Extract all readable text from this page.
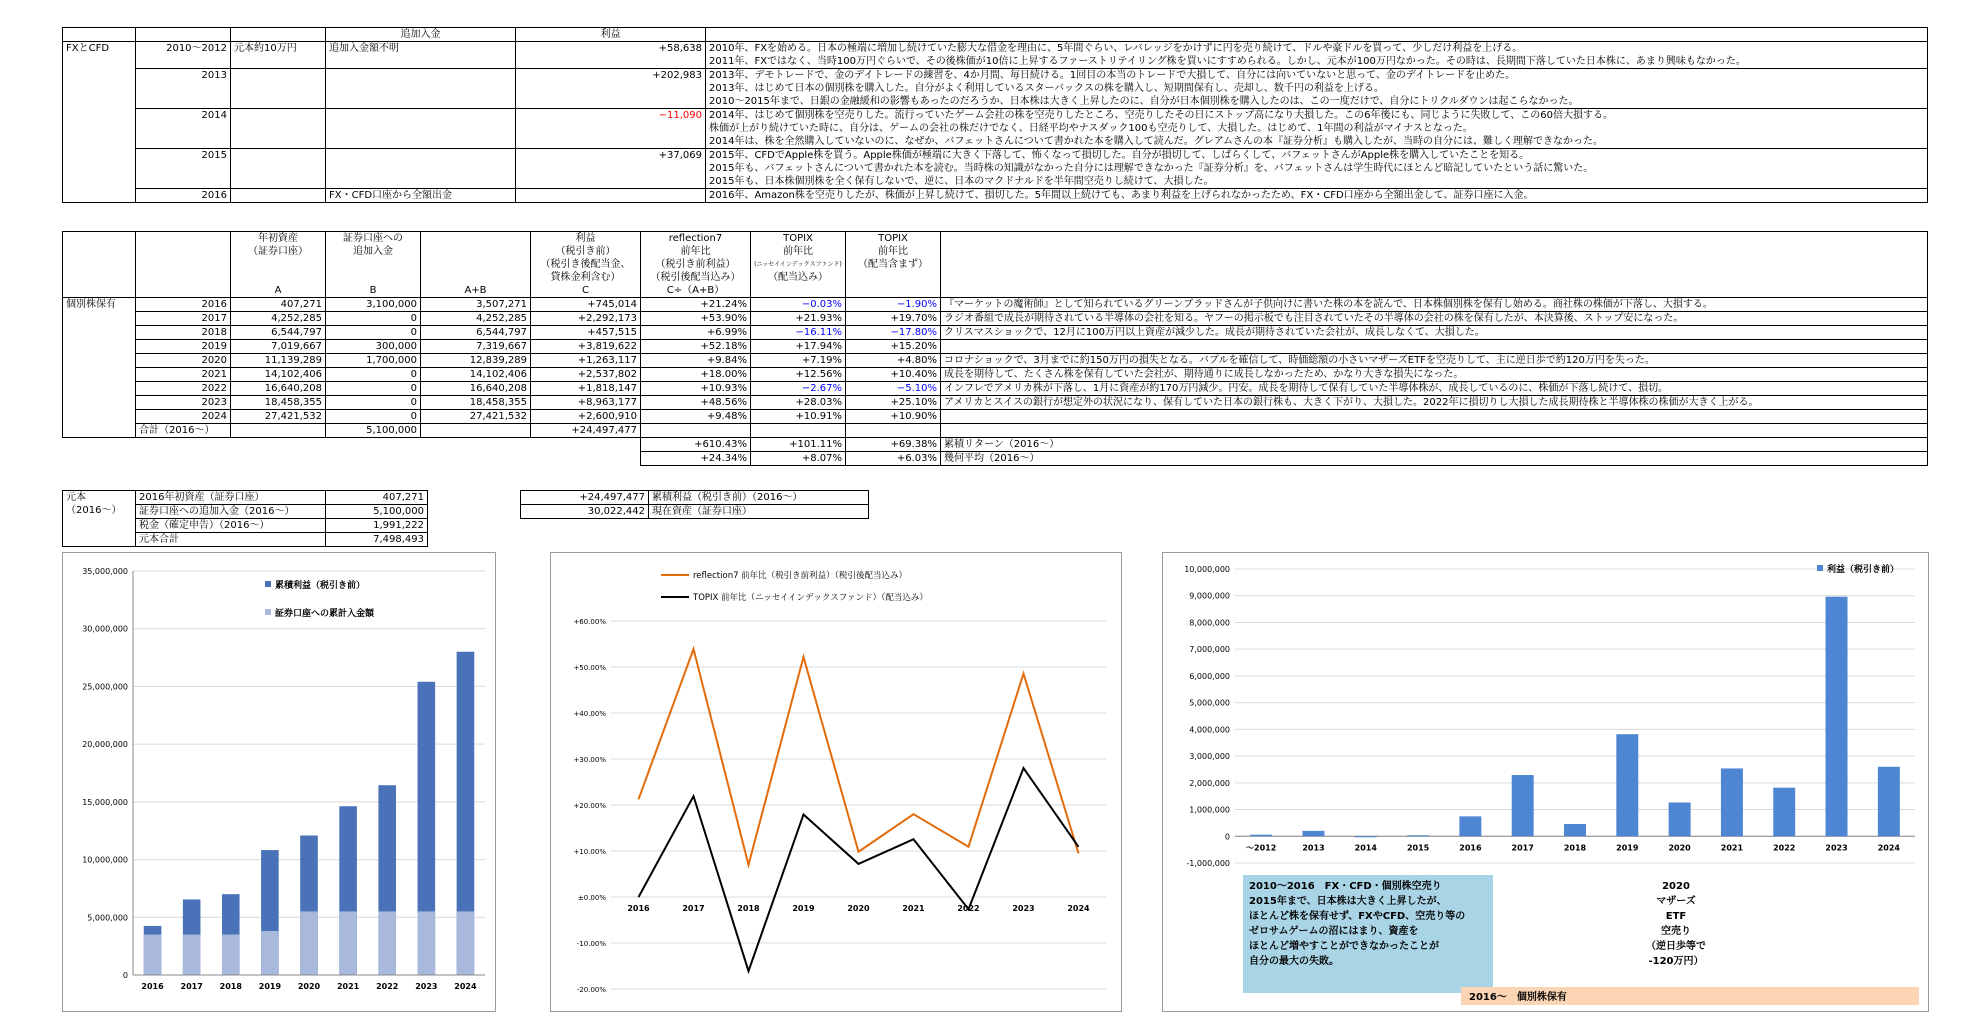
			追加入金	利益	
FXとCFD	2010～2012	元本約10万円	追加入金額不明	+58,638	2010年、FXを始める。日本の極端に増加し続けていた膨大な借金を理由に、5年間ぐらい、レバレッジをかけずに円を売り続けて、ドルや豪ドルを買って、少しだけ利益を上げる。
					2011年、FXではなく、当時100万円ぐらいで、その後株価が10倍に上昇するファーストリテイリング株を買いにすすめられる。しかし、元本が100万円なかった。その時は、長期間下落していた日本株に、あまり興味もなかった。
	2013			+202,983	2013年、デモトレードで、金のデイトレードの練習を、4か月間、毎日続ける。1回目の本当のトレードで大損して、自分には向いていないと思って、金のデイトレードを止めた。
					2013年、はじめて日本の個別株を購入した。自分がよく利用しているスターバックスの株を購入し、短期間保有し、売却し、数千円の利益を上げる。
					2010～2015年まで、日銀の金融緩和の影響もあったのだろうか、日本株は大きく上昇したのに、自分が日本個別株を購入したのは、この一度だけで、自分にトリクルダウンは起こらなかった。
	2014			−11,090	2014年、はじめて個別株を空売りした。流行っていたゲーム会社の株を空売りしたところ、空売りしたその日にストップ高になり大損した。この6年後にも、同じように失敗して、この60倍大損する。
					株価が上がり続けていた時に、自分は、ゲームの会社の株だけでなく、日経平均やナスダック100も空売りして、大損した。はじめて、1年間の利益がマイナスとなった。
					2014年は、株を全然購入していないのに、なぜか、バフェットさんについて書かれた本を購入して読んだ。グレアムさんの本『証券分析』も購入したが、当時の自分には、難しく理解できなかった。
	2015			+37,069	2015年、CFDでApple株を買う。Apple株価が極端に大きく下落して、怖くなって損切した。自分が損切して、しばらくして、バフェットさんがApple株を購入していたことを知る。
					2015年も、バフェットさんについて書かれた本を読む。当時株の知識がなかった自分には理解できなかった『証券分析』を、バフェットさんは学生時代にほとんど暗記していたという話に驚いた。
					2015年も、日本株個別株を全く保有しないで、逆に、日本のマクドナルドを半年間空売りし続けて、大損した。
	2016		FX・CFD口座から全額出金		2016年、Amazon株を空売りしたが、株価が上昇し続けて、損切した。5年間以上続けても、あまり利益を上げられなかったため、FX・CFD口座から全額出金して、証券口座に入金。
		年初資産	証券口座への		利益	reflection7	TOPIX	TOPIX	
		（証券口座）	追加入金		（税引き前）	前年比	前年比	前年比	
					（税引き後配当金、	（税引き前利益）	(ニッセイインデックスファンド)	（配当含まず）	
					貸株金利含む）	（税引後配当込み）	（配当込み）		
		A	B	A+B	C	C÷（A+B）			
個別株保有	2016	407,271	3,100,000	3,507,271	+745,014	+21.24%	−0.03%	−1.90%	『マーケットの魔術師』として知られているグリーンブラッドさんが子供向けに書いた株の本を読んで、日本株個別株を保有し始める。商社株の株価が下落し、大損する。
	2017	4,252,285	0	4,252,285	+2,292,173	+53.90%	+21.93%	+19.70%	ラジオ番組で成長が期待されている半導体の会社を知る。ヤフーの掲示板でも注目されていたその半導体の会社の株を保有したが、本決算後、ストップ安になった。
	2018	6,544,797	0	6,544,797	+457,515	+6.99%	−16.11%	−17.80%	クリスマスショックで、12月に100万円以上資産が減少した。成長が期待されていた会社が、成長しなくて、大損した。
	2019	7,019,667	300,000	7,319,667	+3,819,622	+52.18%	+17.94%	+15.20%	
	2020	11,139,289	1,700,000	12,839,289	+1,263,117	+9.84%	+7.19%	+4.80%	コロナショックで、3月までに約150万円の損失となる。バブルを確信して、時価総額の小さいマザーズETFを空売りして、主に逆日歩で約120万円を失った。
	2021	14,102,406	0	14,102,406	+2,537,802	+18.00%	+12.56%	+10.40%	成長を期待して、たくさん株を保有していた会社が、期待通りに成長しなかったため、かなり大きな損失になった。
	2022	16,640,208	0	16,640,208	+1,818,147	+10.93%	−2.67%	−5.10%	インフレでアメリカ株が下落し、1月に資産が約170万円減少。円安。成長を期待して保有していた半導体株が、成長しているのに、株価が下落し続けて、損切。
	2023	18,458,355	0	18,458,355	+8,963,177	+48.56%	+28.03%	+25.10%	アメリカとスイスの銀行が想定外の状況になり、保有していた日本の銀行株も、大きく下がり、大損した。2022年に損切りし大損した成長期待株と半導体株の株価が大きく上がる。
	2024	27,421,532	0	27,421,532	+2,600,910	+9.48%	+10.91%	+10.90%	
	合計（2016～）		5,100,000		+24,497,477				
						+610.43%	+101.11%	+69.38%	累積リターン（2016～）
						+24.34%	+8.07%	+6.03%	幾何平均（2016～）
元本
（2016～）	2016年初資産（証券口座）	407,271
	証券口座への追加入金（2016～）	5,100,000
	税金（確定申告）（2016～）	1,991,222
	元本合計	7,498,493
+24,497,477	累積利益（税引き前）（2016～）
30,022,442	現在資産（証券口座）
0
5,000,000
10,000,000
15,000,000
20,000,000
25,000,000
30,000,000
35,000,000
2016 2017 2018 2019 2020 2021 2022 2023 2024
累積利益（税引き前）
証券口座への累計入金額
-20.00%
-10.00%
±0.00%
+10.00%
+20.00%
+30.00%
+40.00%
+50.00%
+60.00%
2016	2017	2018	2019	2020	2021	2022	2023	2024
reflection7 前年比（税引き前利益）（税引後配当込み）
TOPIX 前年比（ニッセイインデックスファンド）（配当込み）
-1,000,000
0
1,000,000
2,000,000
3,000,000
4,000,000
5,000,000
6,000,000
7,000,000
8,000,000
9,000,000
10,000,000
〜2012	2013	2014	2015	2016	2017	2018	2019	2020	2021	2022	2023	2024
利益（税引き前）
2010〜2016　FX・CFD・個別株空売り
2015年まで、日本株は大きく上昇したが、
ほとんど株を保有せず、FXやCFD、空売り等の
ゼロサムゲームの沼にはまり、資産を
ほとんど増やすことができなかったことが
自分の最大の失敗。
2020
マザーズ
ETF
空売り
（逆日歩等で
-120万円）
2016〜　個別株保有
